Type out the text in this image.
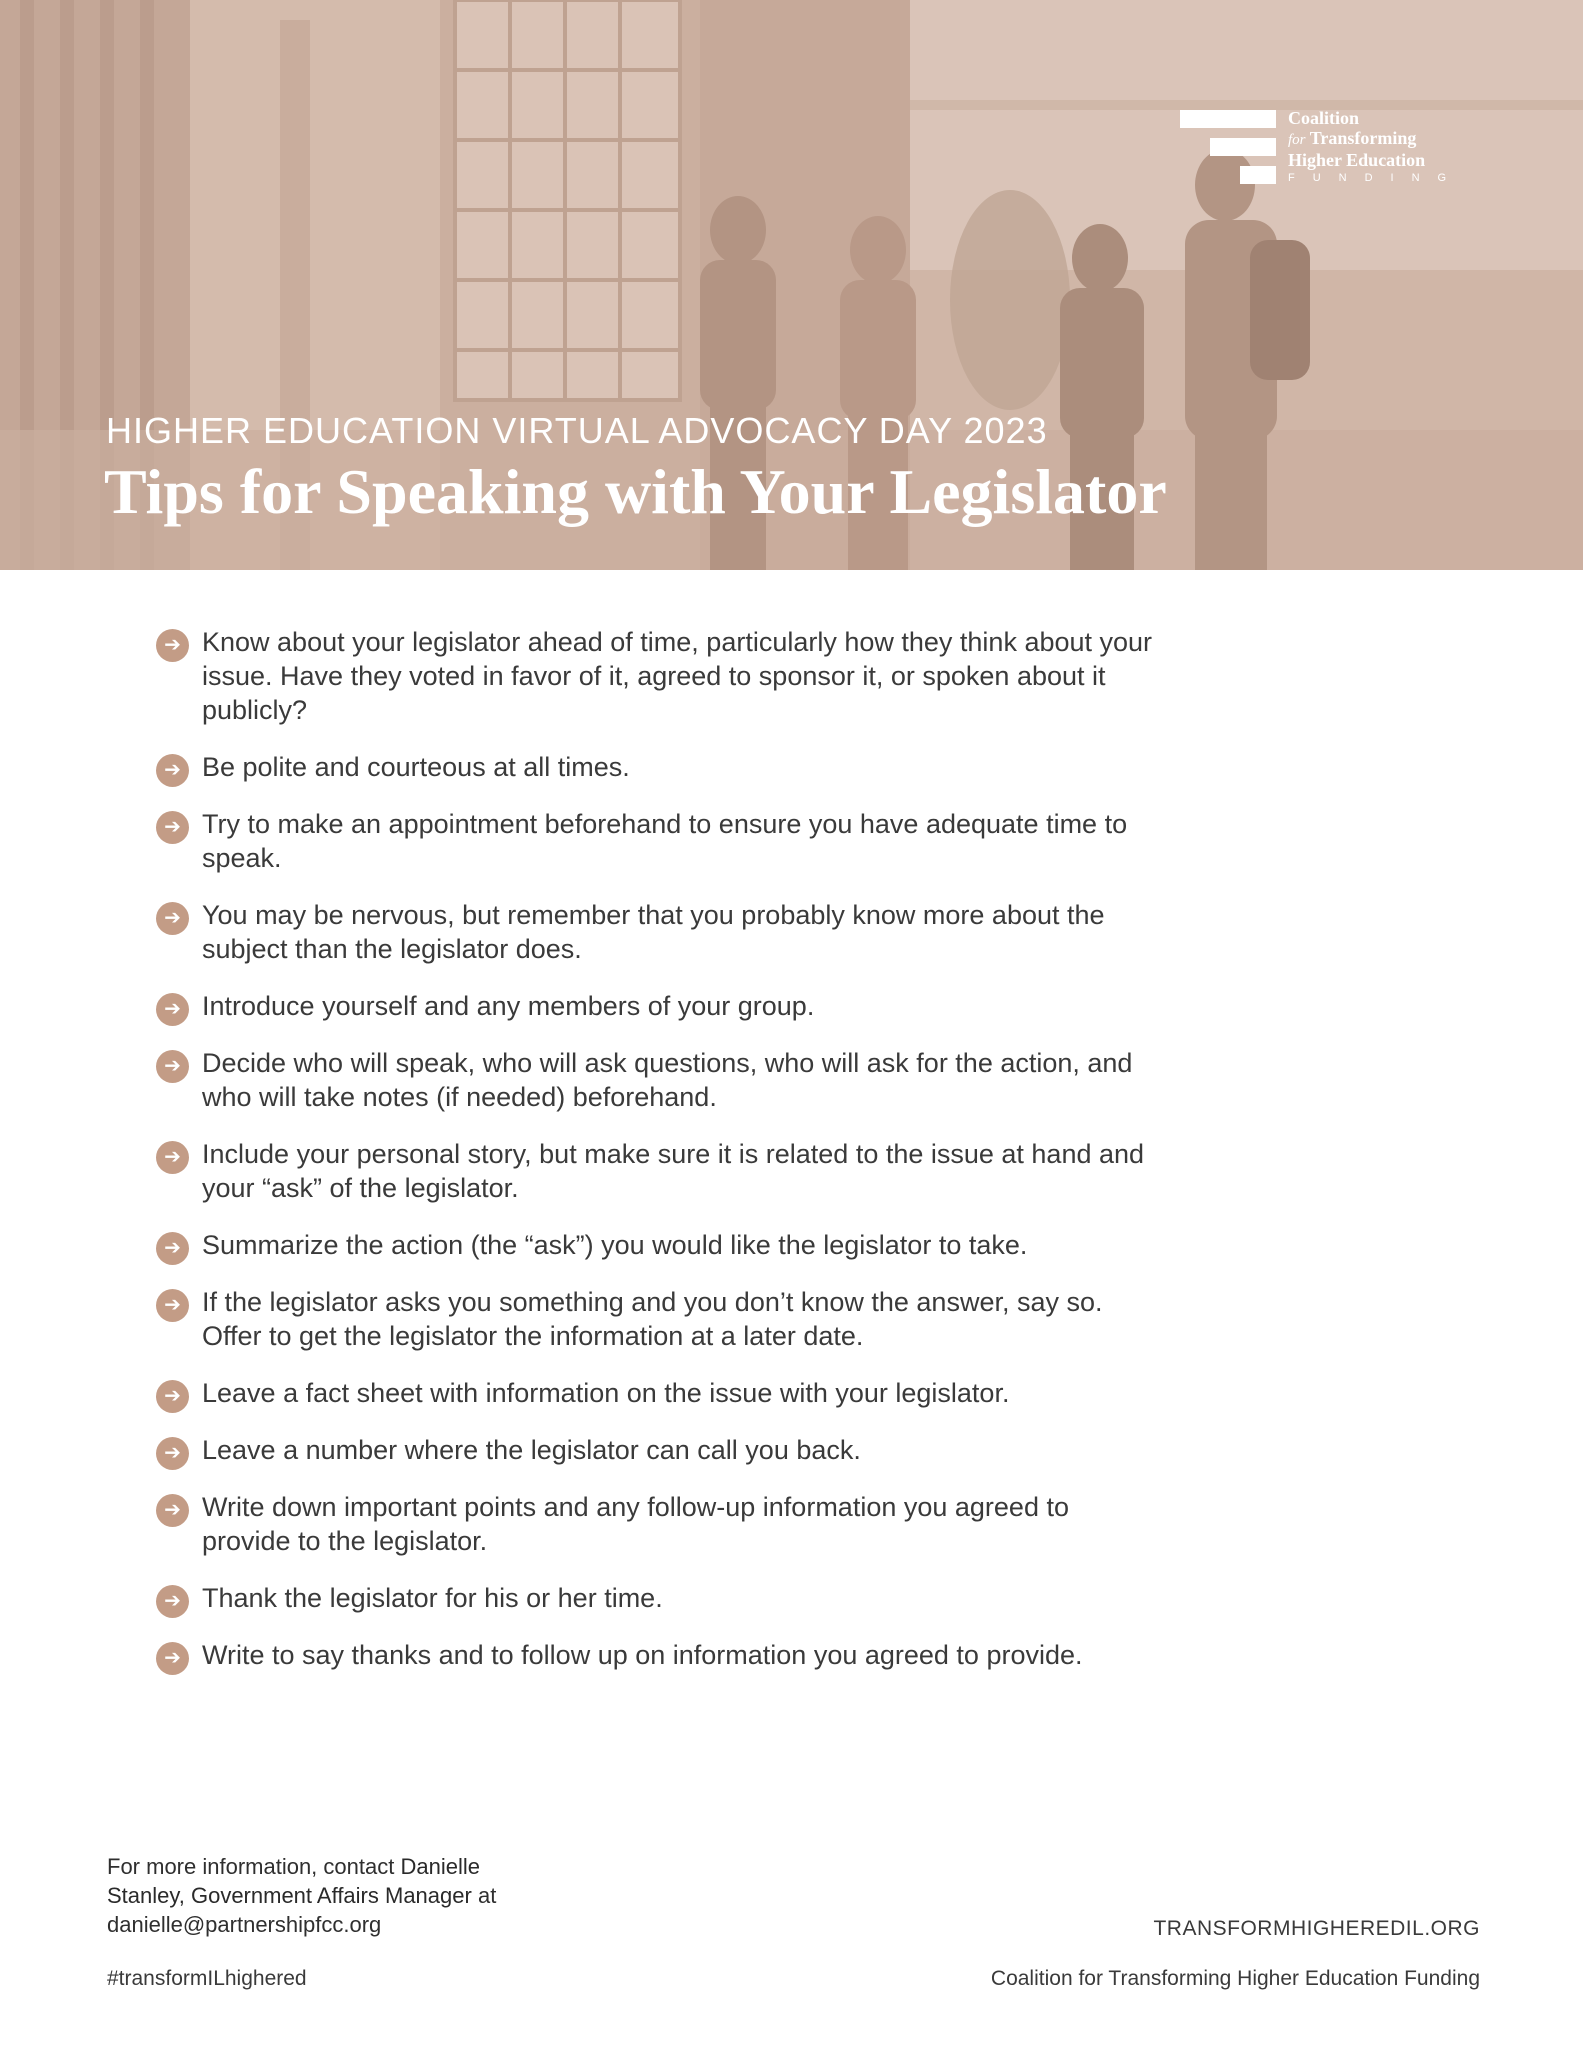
Coalition
for Transforming
Higher Education
FUNDING
HIGHER EDUCATION VIRTUAL ADVOCACY DAY 2023
Tips for Speaking with Your Legislator
➔ Know about your legislator ahead of time, particularly how they think about your issue. Have they voted in favor of it, agreed to sponsor it, or spoken about it publicly?
➔ Be polite and courteous at all times.
➔ Try to make an appointment beforehand to ensure you have adequate time to speak.
➔ You may be nervous, but remember that you probably know more about the subject than the legislator does.
➔ Introduce yourself and any members of your group.
➔ Decide who will speak, who will ask questions, who will ask for the action, and who will take notes (if needed) beforehand.
➔ Include your personal story, but make sure it is related to the issue at hand and your “ask” of the legislator.
➔ Summarize the action (the “ask”) you would like the legislator to take.
➔ If the legislator asks you something and you don’t know the answer, say so. Offer to get the legislator the information at a later date.
➔ Leave a fact sheet with information on the issue with your legislator.
➔ Leave a number where the legislator can call you back.
➔ Write down important points and any follow-up information you agreed to provide to the legislator.
➔ Thank the legislator for his or her time.
➔ Write to say thanks and to follow up on information you agreed to provide.
For more information, contact Danielle Stanley, Government Affairs Manager at danielle@partnershipfcc.org
#transformILhighered
TRANSFORMHIGHEREDIL.ORG
Coalition for Transforming Higher Education Funding
